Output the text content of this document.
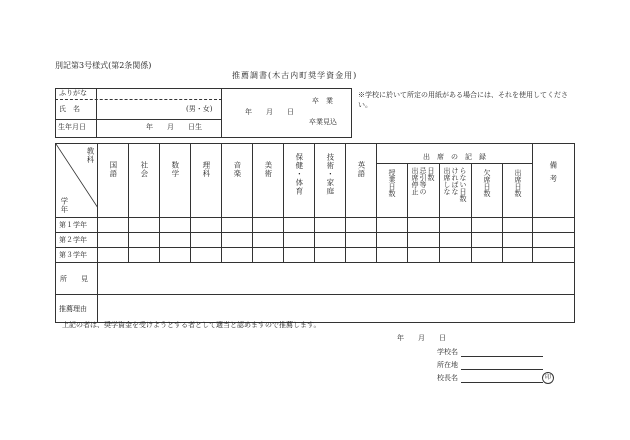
別記第3号様式(第2条関係)
推薦調書(木古内町奨学資金用)
ふりがな
氏　名	(男・女)
生年月日	年　　月　　日生
年　　月　　日
卒　業
卒業見込
※学校に於いて所定の用紙がある場合には、それを使用してください。
教科
学年	国語	社会	数学	理科	音楽	美術	保健・体育	技術・家庭	英語	出　席　の　記　録					備考

										授業日数	出席停止 忌引等の 日数	出席しな ければな らない日数	欠席日数	出席日数	

第１学年															
第２学年															
第３学年															
所　　見															
推薦理由															
上記の者は、奨学資金を受けようとする者として適当と認めますので推薦します。
年　　月　　日
学校名
所在地
校長名	印
